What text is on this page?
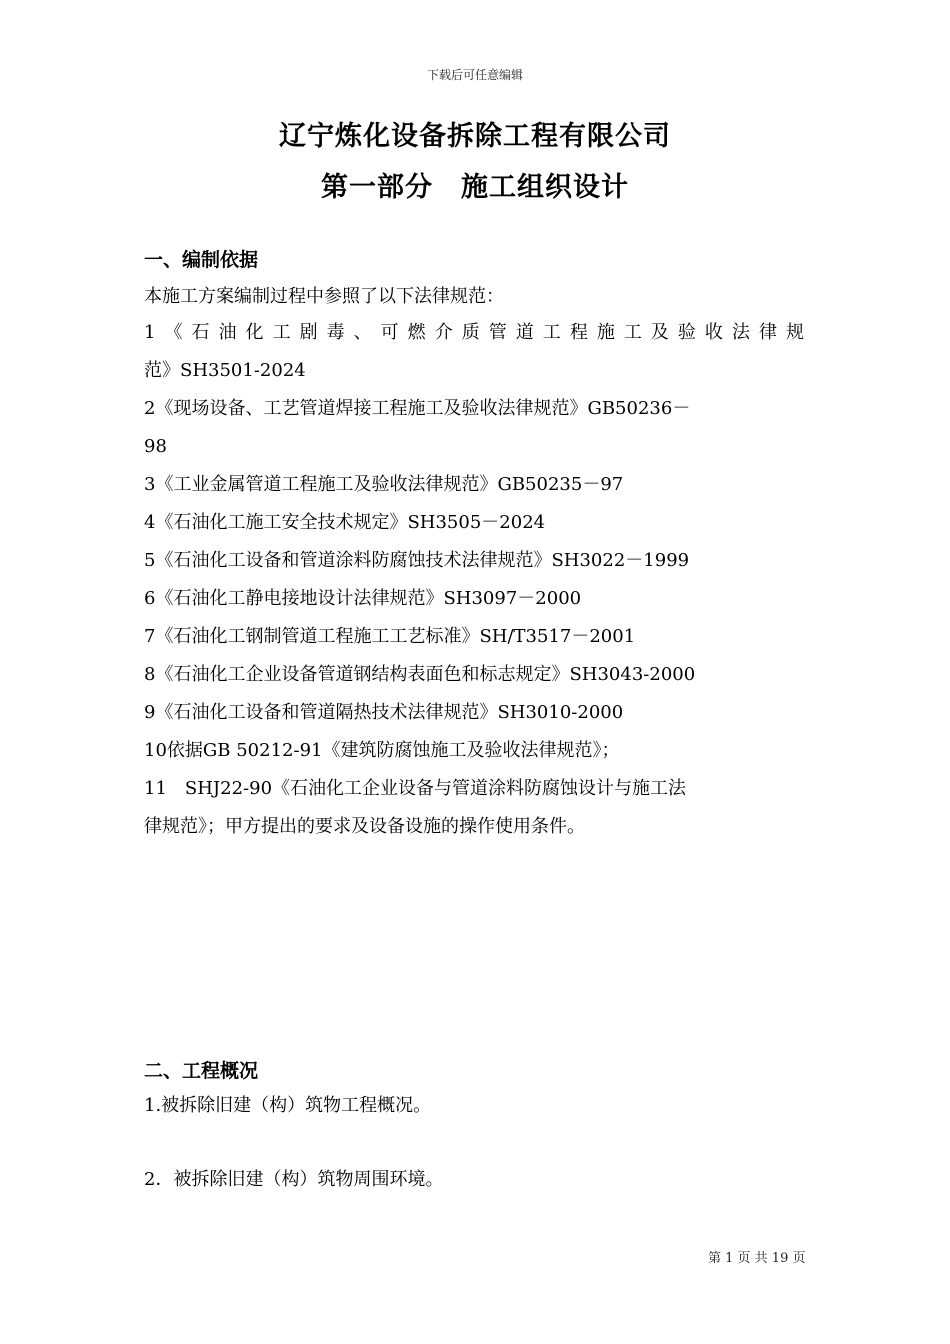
下载后可任意编辑
辽宁炼化设备拆除工程有限公司
第一部分　施工组织设计
一、编制依据
本施工方案编制过程中参照了以下法律规范：
1《石油化工剧毒、可燃介质管道工程施工及验收法律规
范》SH3501-2024
2《现场设备、工艺管道焊接工程施工及验收法律规范》GB50236－
98
3《工业金属管道工程施工及验收法律规范》GB50235－97
4《石油化工施工安全技术规定》SH3505－2024
5《石油化工设备和管道涂料防腐蚀技术法律规范》SH3022－1999
6《石油化工静电接地设计法律规范》SH3097－2000
7《石油化工钢制管道工程施工工艺标准》SH/T3517－2001
8《石油化工企业设备管道钢结构表面色和标志规定》SH3043-2000
9《石油化工设备和管道隔热技术法律规范》SH3010-2000
10依据GB 50212-91《建筑防腐蚀施工及验收法律规范》；
11　SHJ22-90《石油化工企业设备与管道涂料防腐蚀设计与施工法
律规范》；甲方提出的要求及设备设施的操作使用条件。
二、工程概况
1.被拆除旧建（构）筑物工程概况。
2．被拆除旧建（构）筑物周围环境。
第 1 页 共 19 页
